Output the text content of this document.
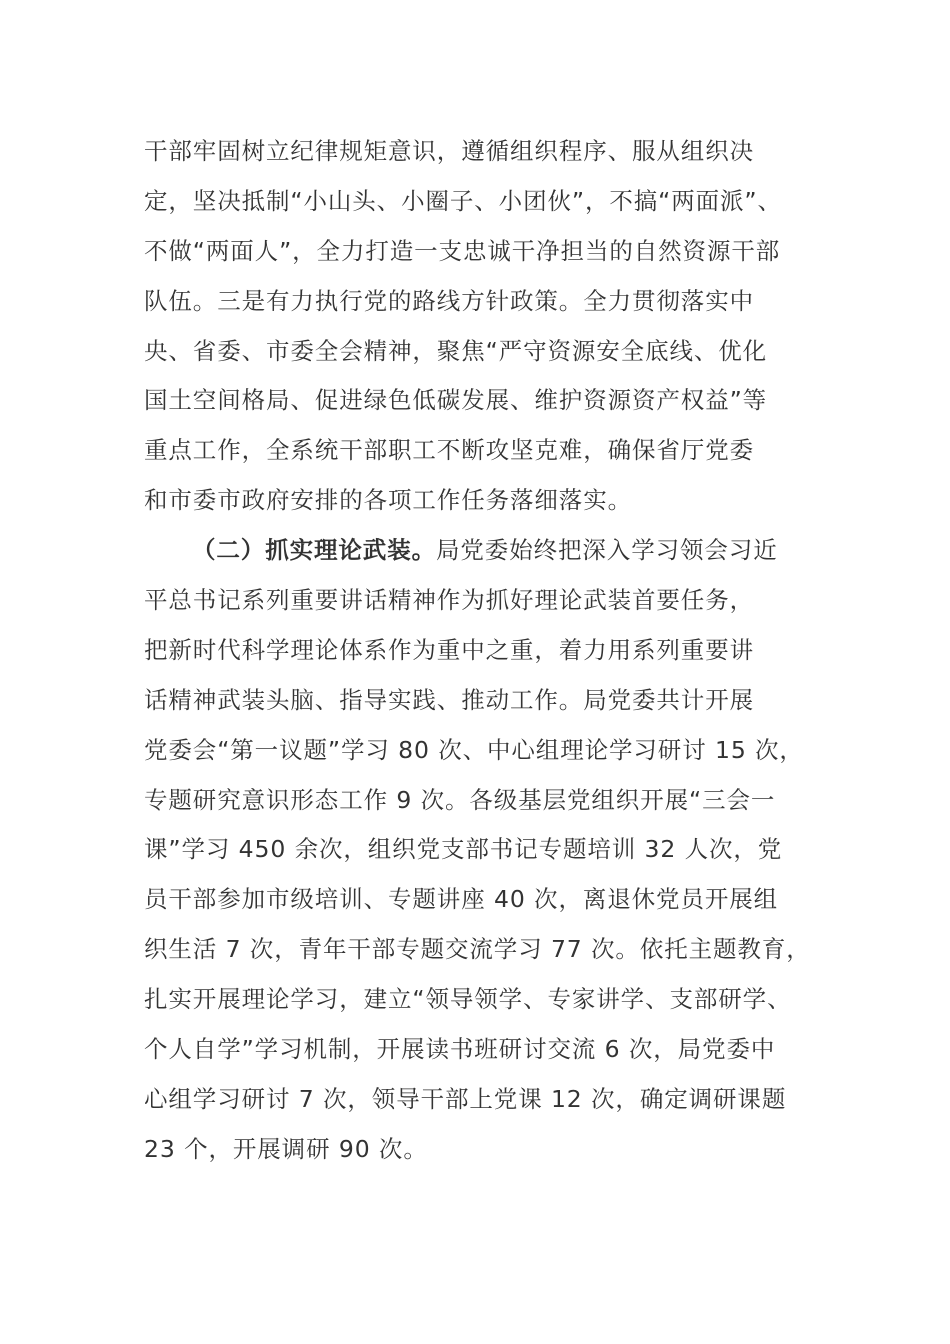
干部牢固树立纪律规矩意识，遵循组织程序、服从组织决
定，坚决抵制“小山头、小圈子、小团伙”，不搞“两面派”、
不做“两面人”，全力打造一支忠诚干净担当的自然资源干部
队伍。三是有力执行党的路线方针政策。全力贯彻落实中
央、省委、市委全会精神，聚焦“严守资源安全底线、优化
国土空间格局、促进绿色低碳发展、维护资源资产权益”等
重点工作，全系统干部职工不断攻坚克难，确保省厅党委
和市委市政府安排的各项工作任务落细落实。
（二）抓实理论武装。局党委始终把深入学习领会习近
平总书记系列重要讲话精神作为抓好理论武装首要任务，
把新时代科学理论体系作为重中之重，着力用系列重要讲
话精神武装头脑、指导实践、推动工作。局党委共计开展
党委会“第一议题”学习 80 次、中心组理论学习研讨 15 次，
专题研究意识形态工作 9 次。各级基层党组织开展“三会一
课”学习 450 余次，组织党支部书记专题培训 32 人次，党
员干部参加市级培训、专题讲座 40 次，离退休党员开展组
织生活 7 次，青年干部专题交流学习 77 次。依托主题教育，
扎实开展理论学习，建立“领导领学、专家讲学、支部研学、
个人自学”学习机制，开展读书班研讨交流 6 次，局党委中
心组学习研讨 7 次，领导干部上党课 12 次，确定调研课题
23 个，开展调研 90 次。
